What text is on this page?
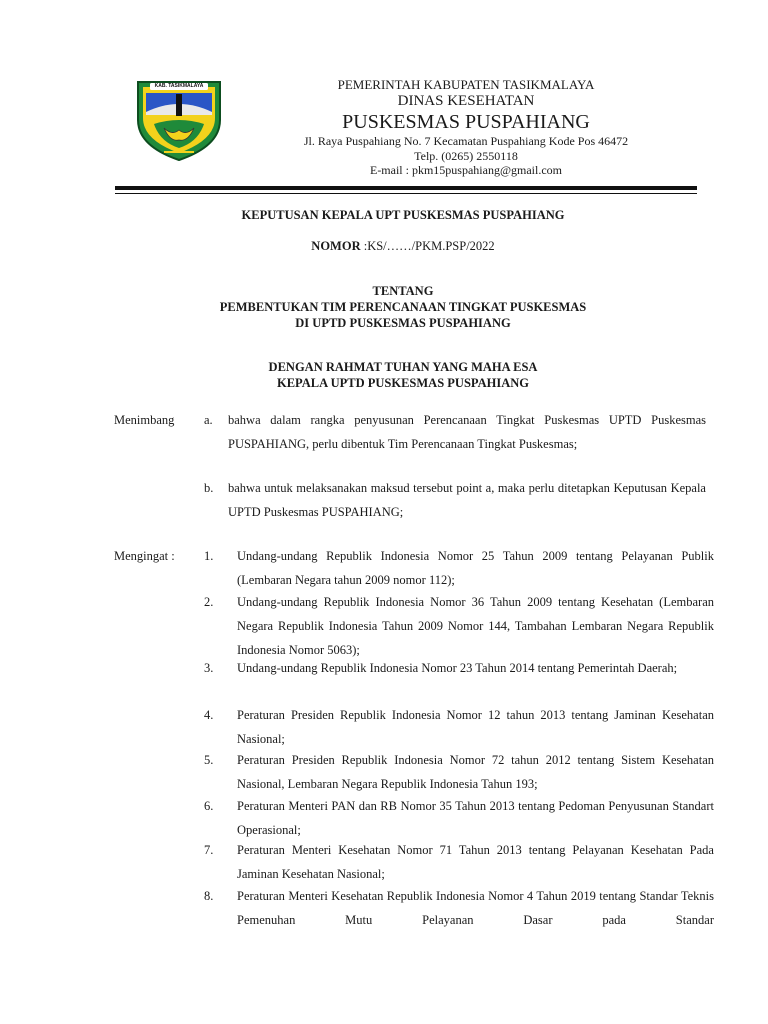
KAB. TASIKMALAYA	PEMERINTAH KABUPATEN TASIKMALAYA
DINAS KESEHATAN
PUSKESMAS PUSPAHIANG
Jl. Raya Puspahiang No. 7 Kecamatan Puspahiang Kode Pos 46472
Telp. (0265) 2550118
E-mail : pkm15puspahiang@gmail.com
KEPUTUSAN KEPALA UPT PUSKESMAS PUSPAHIANG
NOMOR :KS/……/PKM.PSP/2022
TENTANG
PEMBENTUKAN TIM PERENCANAAN TINGKAT PUSKESMAS
DI UPTD PUSKESMAS PUSPAHIANG
DENGAN RAHMAT TUHAN YANG MAHA ESA
KEPALA UPTD PUSKESMAS PUSPAHIANG
Menimbang a. bahwa dalam rangka penyusunan Perencanaan Tingkat Puskesmas UPTD Puskesmas PUSPAHIANG, perlu dibentuk Tim Perencanaan Tingkat Puskesmas;
b. bahwa untuk melaksanakan maksud tersebut point a, maka perlu ditetapkan Keputusan Kepala UPTD Puskesmas PUSPAHIANG;
Mengingat : 1. Undang-undang Republik Indonesia Nomor 25 Tahun 2009 tentang Pelayanan Publik (Lembaran Negara tahun 2009 nomor 112);
2. Undang-undang Republik Indonesia Nomor 36 Tahun 2009 tentang Kesehatan (Lembaran Negara Republik Indonesia Tahun 2009 Nomor 144, Tambahan Lembaran Negara Republik Indonesia Nomor 5063);
3. Undang-undang Republik Indonesia Nomor 23 Tahun 2014 tentang Pemerintah Daerah;
4. Peraturan Presiden Republik Indonesia Nomor 12 tahun 2013 tentang Jaminan Kesehatan Nasional;
5. Peraturan Presiden Republik Indonesia Nomor 72 tahun 2012 tentang Sistem Kesehatan Nasional, Lembaran Negara Republik Indonesia Tahun 193;
6. Peraturan Menteri PAN dan RB Nomor 35 Tahun 2013 tentang Pedoman Penyusunan Standart Operasional;
7. Peraturan Menteri Kesehatan Nomor 71 Tahun 2013 tentang Pelayanan Kesehatan Pada Jaminan Kesehatan Nasional;
8. Peraturan Menteri Kesehatan Republik Indonesia Nomor 4 Tahun 2019 tentang Standar Teknis Pemenuhan Mutu Pelayanan Dasar pada Standar
